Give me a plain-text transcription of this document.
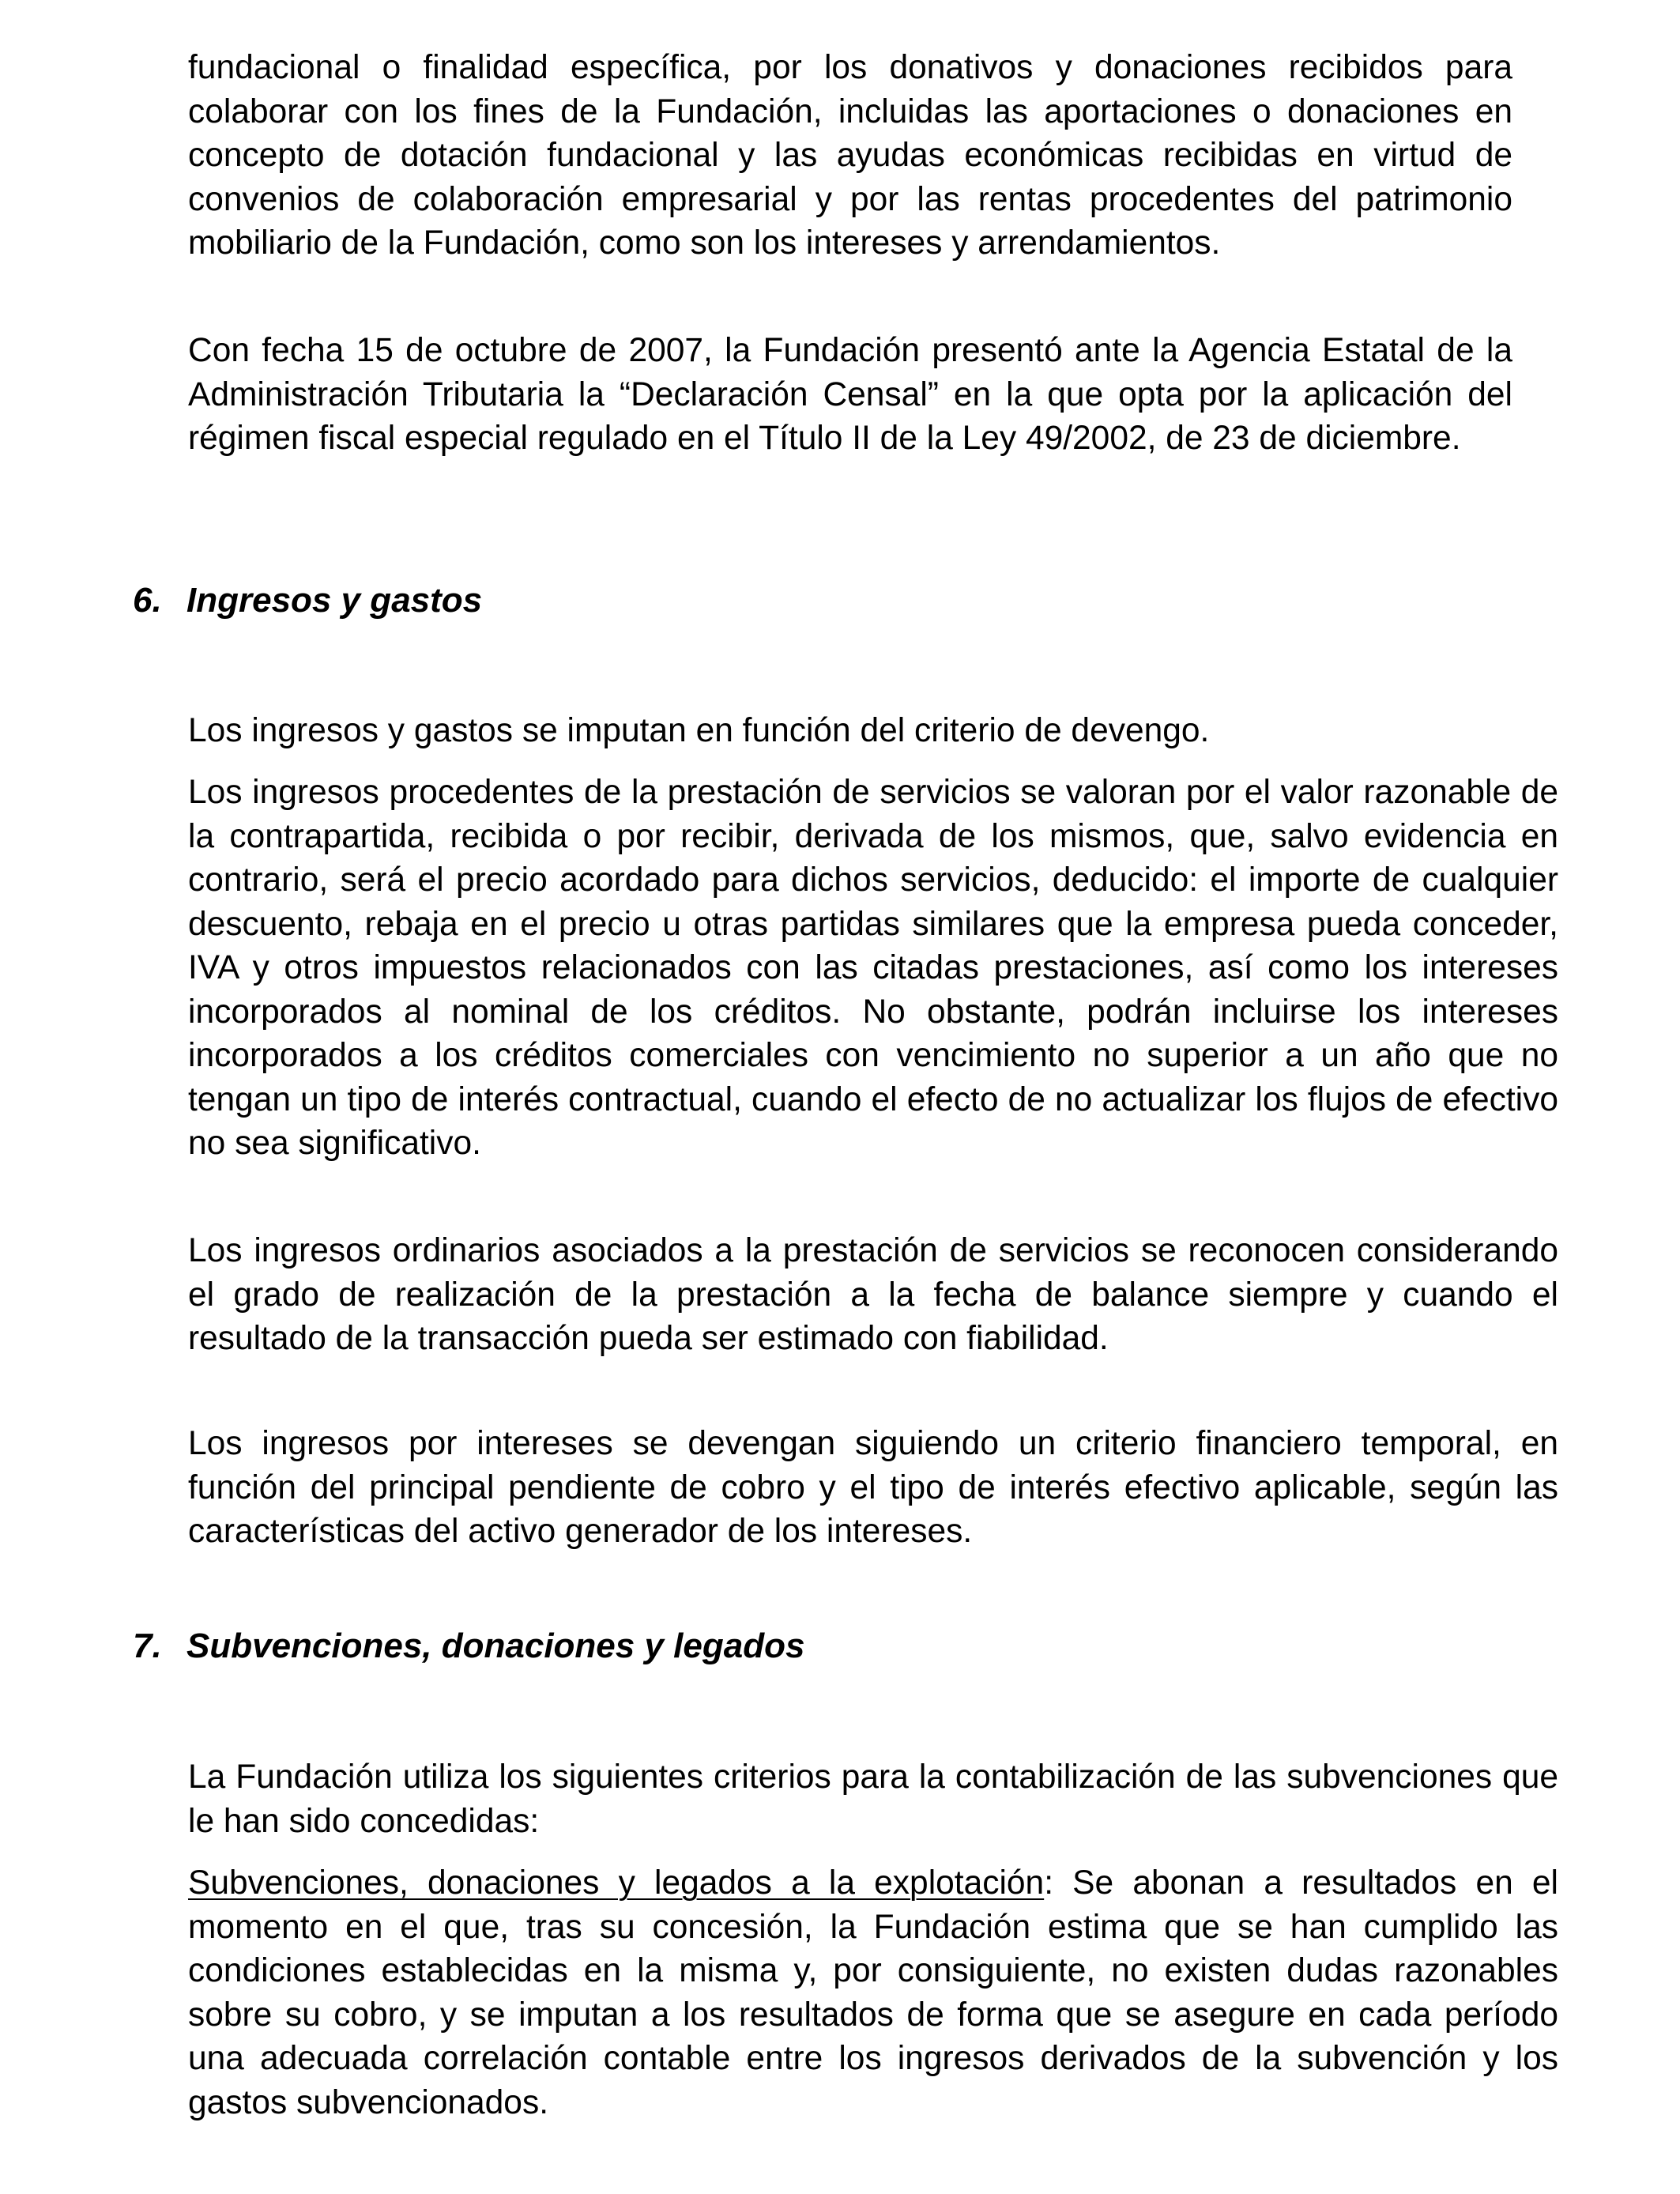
fundacional o finalidad específica, por los donativos y donaciones recibidos para colaborar con los fines de la Fundación, incluidas las aportaciones o donaciones en concepto de dotación fundacional y las ayudas económicas recibidas en virtud de convenios de colaboración empresarial y por las rentas procedentes del patrimonio mobiliario de la Fundación, como son los intereses y arrendamientos.

Con fecha 15 de octubre de 2007, la Fundación presentó ante la Agencia Estatal de la Administración Tributaria la “Declaración Censal” en la que opta por la aplicación del régimen fiscal especial regulado en el Título II de la Ley 49/2002, de 23 de diciembre.

6. Ingresos y gastos

Los ingresos y gastos se imputan en función del criterio de devengo.

Los ingresos procedentes de la prestación de servicios se valoran por el valor razonable de la contrapartida, recibida o por recibir, derivada de los mismos, que, salvo evidencia en contrario, será el precio acordado para dichos servicios, deducido: el importe de cualquier descuento, rebaja en el precio u otras partidas similares que la empresa pueda conceder, IVA y otros impuestos relacionados con las citadas prestaciones, así como los intereses incorporados al nominal de los créditos. No obstante, podrán incluirse los intereses incorporados a los créditos comerciales con vencimiento no superior a un año que no tengan un tipo de interés contractual, cuando el efecto de no actualizar los flujos de efectivo no sea significativo.

Los ingresos ordinarios asociados a la prestación de servicios se reconocen considerando el grado de realización de la prestación a la fecha de balance siempre y cuando el resultado de la transacción pueda ser estimado con fiabilidad.

Los ingresos por intereses se devengan siguiendo un criterio financiero temporal, en función del principal pendiente de cobro y el tipo de interés efectivo aplicable, según las características del activo generador de los intereses.

7. Subvenciones, donaciones y legados

La Fundación utiliza los siguientes criterios para la contabilización de las subvenciones que le han sido concedidas:

Subvenciones, donaciones y legados a la explotación: Se abonan a resultados en el momento en el que, tras su concesión, la Fundación estima que se han cumplido las condiciones establecidas en la misma y, por consiguiente, no existen dudas razonables sobre su cobro, y se imputan a los resultados de forma que se asegure en cada período una adecuada correlación contable entre los ingresos derivados de la subvención y los gastos subvencionados.
